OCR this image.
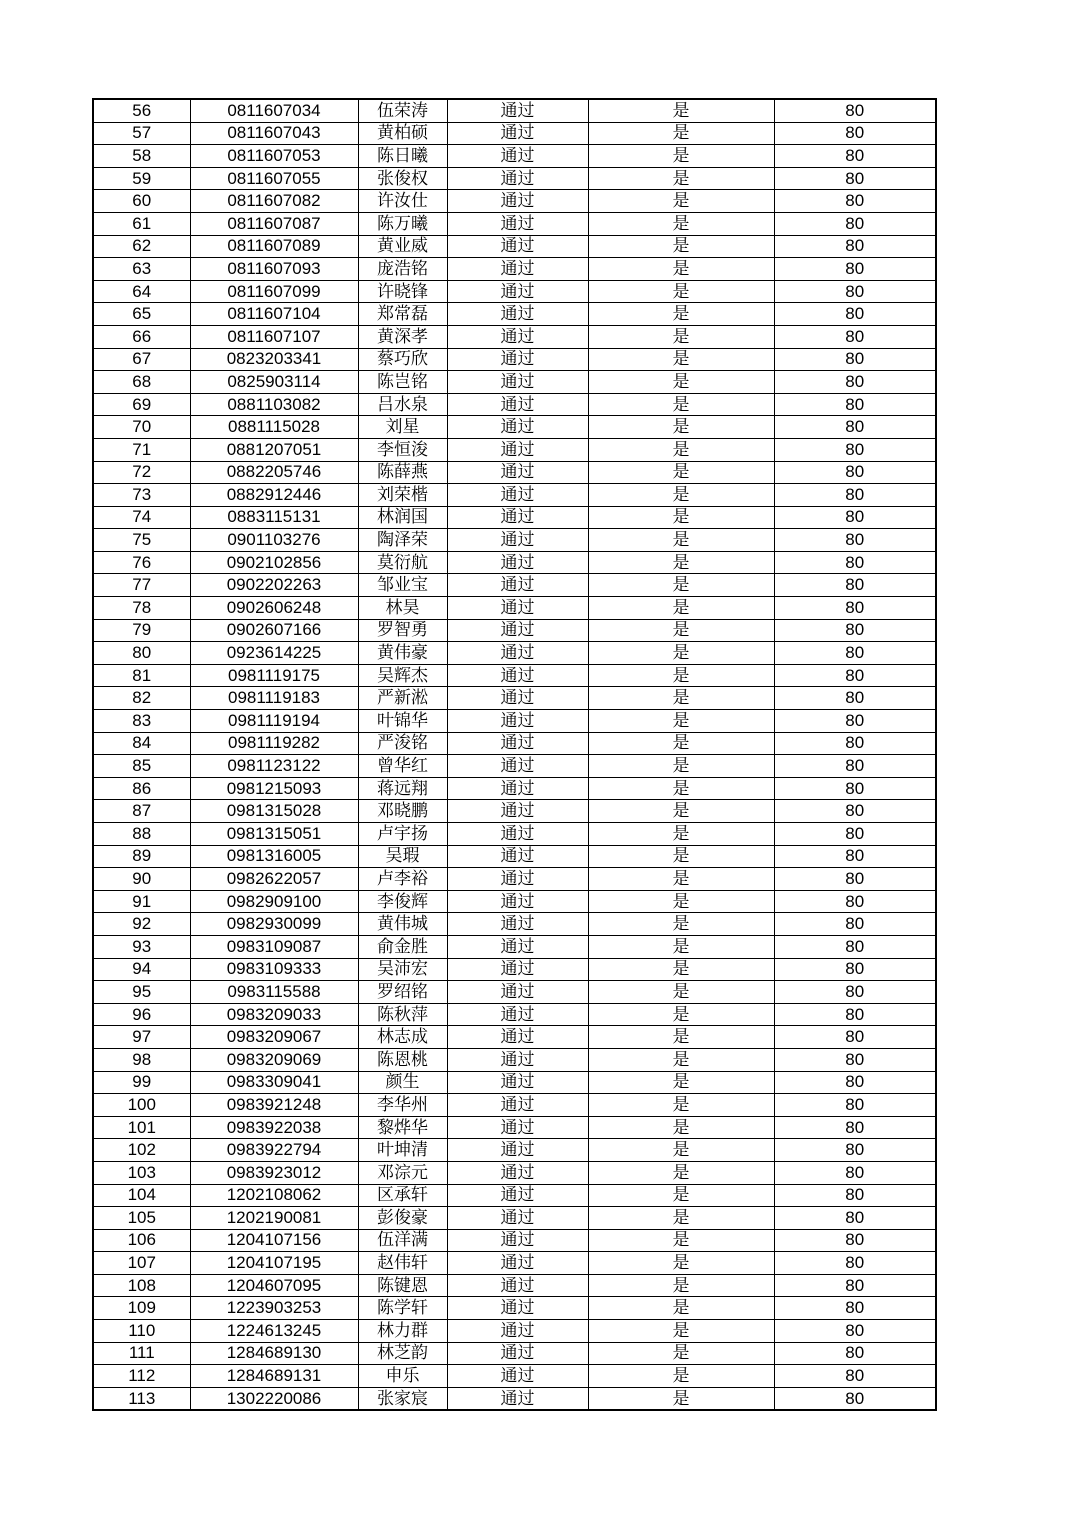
56	0811607034	伍荣涛	通过	是	80
57	0811607043	黄柏硕	通过	是	80
58	0811607053	陈日曦	通过	是	80
59	0811607055	张俊权	通过	是	80
60	0811607082	许汝仕	通过	是	80
61	0811607087	陈万曦	通过	是	80
62	0811607089	黄业威	通过	是	80
63	0811607093	庞浩铭	通过	是	80
64	0811607099	许晓锋	通过	是	80
65	0811607104	郑常磊	通过	是	80
66	0811607107	黄深孝	通过	是	80
67	0823203341	蔡巧欣	通过	是	80
68	0825903114	陈岂铭	通过	是	80
69	0881103082	吕水泉	通过	是	80
70	0881115028	刘星	通过	是	80
71	0881207051	李恒浚	通过	是	80
72	0882205746	陈薛燕	通过	是	80
73	0882912446	刘荣楷	通过	是	80
74	0883115131	林润国	通过	是	80
75	0901103276	陶泽荣	通过	是	80
76	0902102856	莫衍航	通过	是	80
77	0902202263	邹业宝	通过	是	80
78	0902606248	林昊	通过	是	80
79	0902607166	罗智勇	通过	是	80
80	0923614225	黄伟豪	通过	是	80
81	0981119175	吴辉杰	通过	是	80
82	0981119183	严新淞	通过	是	80
83	0981119194	叶锦华	通过	是	80
84	0981119282	严浚铭	通过	是	80
85	0981123122	曾华红	通过	是	80
86	0981215093	蒋远翔	通过	是	80
87	0981315028	邓晓鹏	通过	是	80
88	0981315051	卢宇扬	通过	是	80
89	0981316005	吴瑕	通过	是	80
90	0982622057	卢李裕	通过	是	80
91	0982909100	李俊辉	通过	是	80
92	0982930099	黄伟城	通过	是	80
93	0983109087	俞金胜	通过	是	80
94	0983109333	吴沛宏	通过	是	80
95	0983115588	罗绍铭	通过	是	80
96	0983209033	陈秋萍	通过	是	80
97	0983209067	林志成	通过	是	80
98	0983209069	陈恩桃	通过	是	80
99	0983309041	颜生	通过	是	80
100	0983921248	李华州	通过	是	80
101	0983922038	黎烨华	通过	是	80
102	0983922794	叶坤清	通过	是	80
103	0983923012	邓淙元	通过	是	80
104	1202108062	区承轩	通过	是	80
105	1202190081	彭俊豪	通过	是	80
106	1204107156	伍洋满	通过	是	80
107	1204107195	赵伟轩	通过	是	80
108	1204607095	陈键恩	通过	是	80
109	1223903253	陈学轩	通过	是	80
110	1224613245	林力群	通过	是	80
111	1284689130	林芝韵	通过	是	80
112	1284689131	申乐	通过	是	80
113	1302220086	张家宸	通过	是	80
